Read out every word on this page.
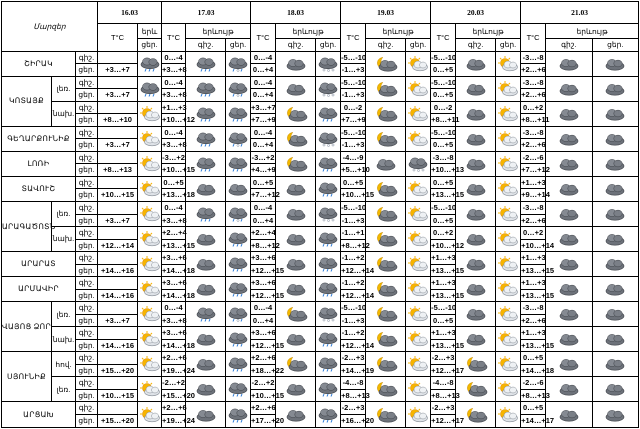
Մարզեր			16.03		17.03			18.03			19.03			20.03			21.03		
			T°C	երև	T°C	երևույթ		T°C	երևույթ		T°C	երևույթ		T°C	երևույթ		T°C	երևույթ	
				ցեր.		գիշ.	ցեր.		գիշ.	ցեր.		գիշ.	ցեր.		գիշ.	ցեր.		գիշ.	ցեր.
ՇԻՐԱԿ		գիշ.			0…-4			0…-4			-5…-10			-5…-10			-3…-8		
		ցեր.	+3…+7		+3…+8			0…+4			-1…+3			0…+5			+2…+6		
ԿՈՏԱՅՔ	լեռ.	գիշ.			0…-4			0…-4			-5…-10			-5…-10			-3…-8		
		ցեր.	+3…+7		+3…+8			0…+4			-1…+3			0…+5			+2…+6		
	նախ.	գիշ.			+1…+3			+3…+7			0…-2			0…-2			0…+2		
		ցեր.	+8…+10		+10…+12			+7…+9			+7…+9			+8…+11			+8…+11		
ԳԵՂԱՐՔՈՒՆԻՔ		գիշ.			0…-4			0…-4			-5…-10			-5…-10			-3…-8		
		ցեր.	+3…+7		+3…+8			0…+4			-1…+3			0…+5			+2…+6		
ԼՈՌԻ		գիշ.			-3…+2			-3…+2			-4…-9			-3…-8			-2…-6		
		ցեր.	+8…+13		+10…+15			+4…+9			+5…+10			+10…+13			+7…+12		
ՏԱՎՈՒՇ		գիշ.			0…+5			0…+5			0…+5			0…+5			+1…+3		
		ցեր.	+10…+15		+13…+18			+7…+12			+10…+15			+13…+15			+9…+14		
ԱՐԱԳԱԾՈՏՆ	լեռ.	գիշ.			0…-4			0…-4			-5…-10			-5…-10			-3…-8		
		ցեր.	+3…+7		+3…+8			0…+4			-1…+3			0…+5			+2…+6		
	նախ.	գիշ.			+2…+4			+2…+4			-1…+1			0…+2			0…+2		
		ցեր.	+12…+14		+13…+15			+8…+12			+8…+12			+10…+12			+10…+14		
ԱՐԱՐԱՏ		գիշ.			+3…+6			+3…+6			-1…+2			+1…+3			+1…+3		
		ցեր.	+14…+16		+14…+18			+12…+15			+12…+14			+13…+15			+13…+15		
ԱՐՄԱՎԻՐ		գիշ.			+3…+6			+3…+6			-1…+2			+1…+3			+1…+3		
		ցեր.	+14…+16		+14…+18			+12…+15			+12…+14			+13…+15			+13…+15		
ՎԱՅՈՑ ՁՈՐ	լեռ.	գիշ.			0…-4			0…-4			-5…-10			-5…-10			-3…-8		
		ցեր.	+3…+7		+3…+8			0…+4			-1…+3			0…+5			+2…+6		
	նախ.	գիշ.			+3…+6			+3…+6			-1…+2			+1…+3			+1…+3		
		ցեր.	+14…+16		+14…+18			+12…+15			+12…+14			+13…+15			+13…+15		
ՍՅՈՒՆԻՔ	հով.	գիշ.			+2…+6			+2…+6			-2…+3			-2…+3			0…+5		
		ցեր.	+15…+20		+19…+24			+18…+22			+14…+19			+12…+17			+14…+18		
	լեռ.	գիշ.			-2…+2			-2…+2			-4…-8			-4…-8			-2…-6		
		ցեր.	+10…+15		+15…+20			+10…+15			+8…+13			+8…+13			+8…+13		
ԱՐՑԱԽ		գիշ.			+2…+6			+2…+6			-2…+3			-2…+3			0…+5		
		ցեր.	+15…+20		+19…+24			+17…+20			+16…+20			+12…+17			+14…+17		
